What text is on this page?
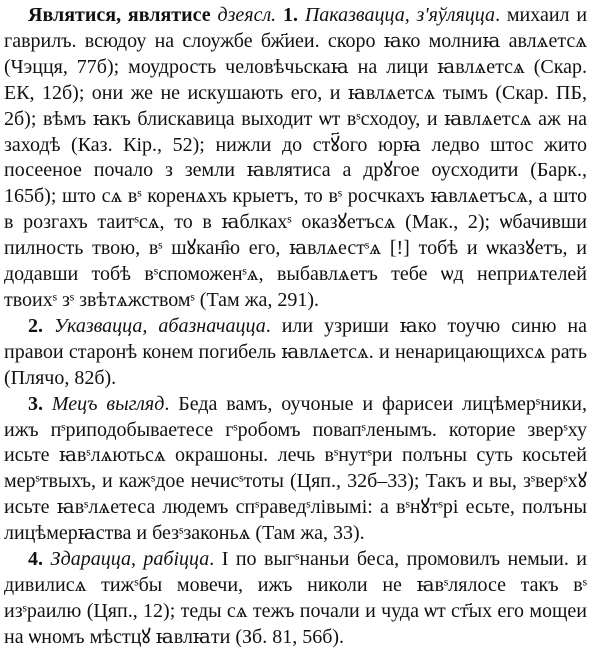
Являтися, являтисе дзеясл. 1. Паказвацца, з'яўляцца. михаил и гаврилъ. всюдоу на слоужбе бж҃иеи. скоро ꙗко молниꙗ авлѧетсѧ (Чэцця, 77б); моудрость человѣчьскаꙗ на лици ꙗвлѧетсѧ (Скар. ЕК, 12б); они же не искушають его, и ꙗвлѧетсѧ тымъ (Скар. ПБ, 2б); вѣмъ ꙗкъ блискавица выходит ѡт вˢсходоу, и ꙗвлѧетсѧ аж на заходѣ (Каз. Кір., 52); нижли до стꙋ҃ого юрꙗ ледво штос жито посееное почало з земли ꙗвлятиса а дрꙋгое оусходити (Барк., 165б); што сѧ вˢ коренѧхъ крыетъ, то вˢ росчкахъ ꙗвлѧетъсѧ, а што в розгахъ таитˢсѧ, то в ꙗблкахˢ оказꙋетъсѧ (Мак., 2); ѡбачивши пилность твою, вˢ шꙋкан҄ю его, ꙗвлѧестˢѧ [!] тобѣ и ѡказꙋетъ, и додавши тобѣ вˢспоможенˢѧ, выбавлѧетъ тебе ѡд неприѧтелей твоихˢ зˢ звѣтѧжствомˢ (Там жа, 291).

2. Указвацца, абазначацца. или узриши ꙗко тоучю синю на правои старонѣ конем погибель ꙗвлѧетсѧ. и ненарицающихсѧ рать (Плячо, 82б).

3. Мецъ выгляд. Беда вамъ, оучоные и фарисеи лицѣмерˢники, ижъ пˢриподобываетесе гˢробомъ повапˢленымъ. которие зверˢху исьте ꙗвˢлѧютьсѧ окрашоны. лечь вˢнутˢри полъны суть косьтей мерˢтвыхъ, и кажˢдое нечисˢтоты (Цяп., 32б–33); Такъ и вы, зˢверˢхꙋ исьте ꙗвˢлѧетеса людемъ спˢраведˢлівымі: а вˢнꙋтˢрі есьте, полъны лицѣмерꙗства и безˢзаконьѧ (Там жа, 33).

4. Здарацца, рабіцца. І по выгˢнаньи беса, промовилъ немыи. и дивилисѧ тижˢбы мовечи, ижъ николи не ꙗвˢлялосе такъ вˢ изˢраилю (Цяп., 12); теды сѧ тежъ почали и чуда ѡт ст҃ых его мощеи на ѡномъ мѣстцꙋ ꙗвлꙗти (Зб. 81, 56б).
